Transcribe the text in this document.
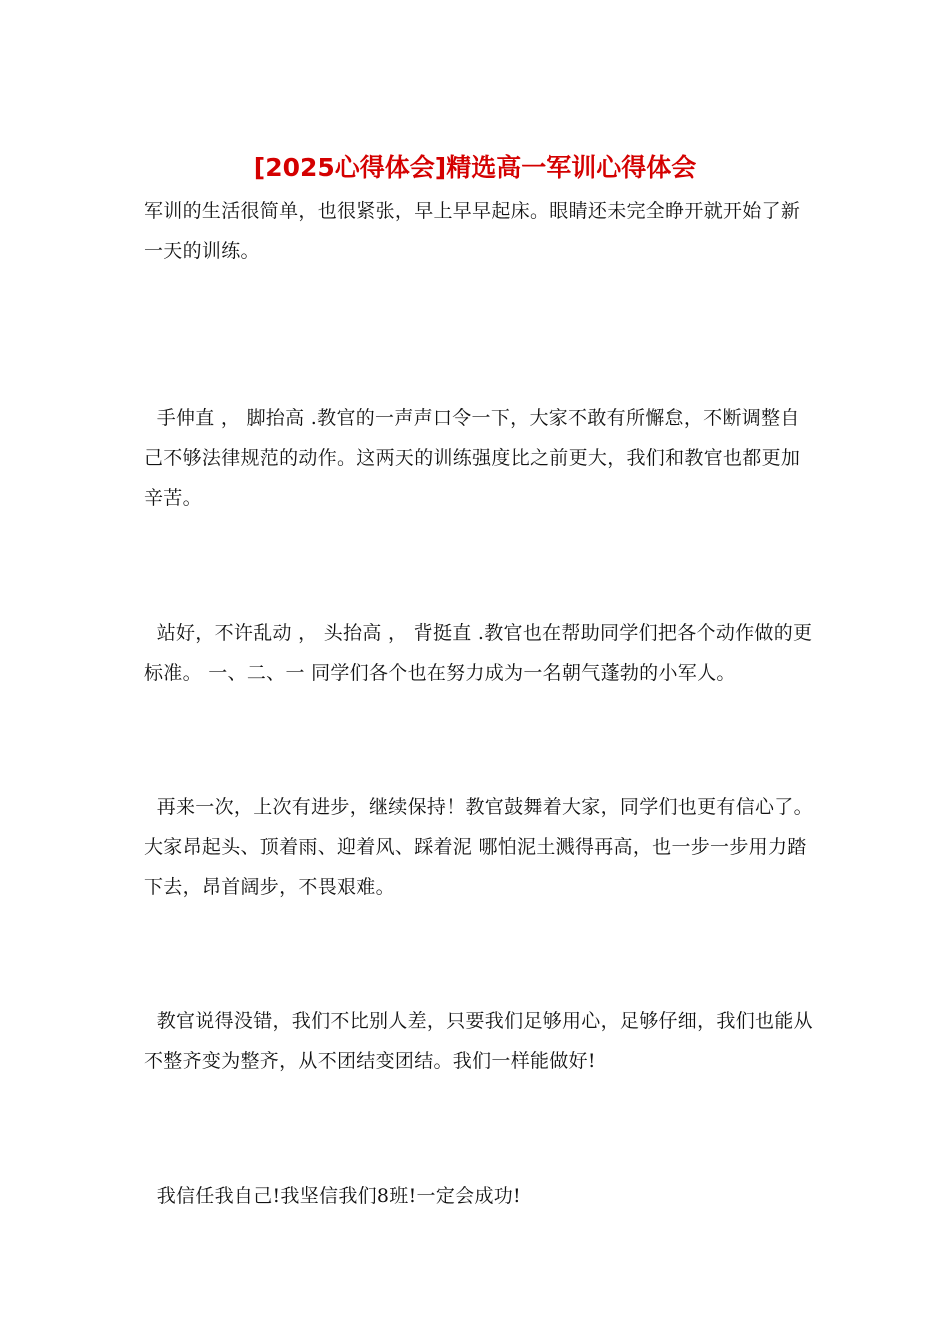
[2025心得体会]精选高一军训心得体会

军训的生活很简单，也很紧张，早上早早起床。眼睛还未完全睁开就开始了新一天的训练。

手伸直 ， 脚抬高 .教官的一声声口令一下，大家不敢有所懈怠，不断调整自己不够法律规范的动作。这两天的训练强度比之前更大，我们和教官也都更加辛苦。

站好，不许乱动 ， 头抬高 ， 背挺直 .教官也在帮助同学们把各个动作做的更标准。 一、二、一 同学们各个也在努力成为一名朝气蓬勃的小军人。

再来一次，上次有进步，继续保持！教官鼓舞着大家，同学们也更有信心了。大家昂起头、顶着雨、迎着风、踩着泥 哪怕泥土溅得再高，也一步一步用力踏下去，昂首阔步，不畏艰难。

教官说得没错，我们不比别人差，只要我们足够用心，足够仔细，我们也能从不整齐变为整齐，从不团结变团结。我们一样能做好!

我信任我自己!我坚信我们8班!一定会成功!
